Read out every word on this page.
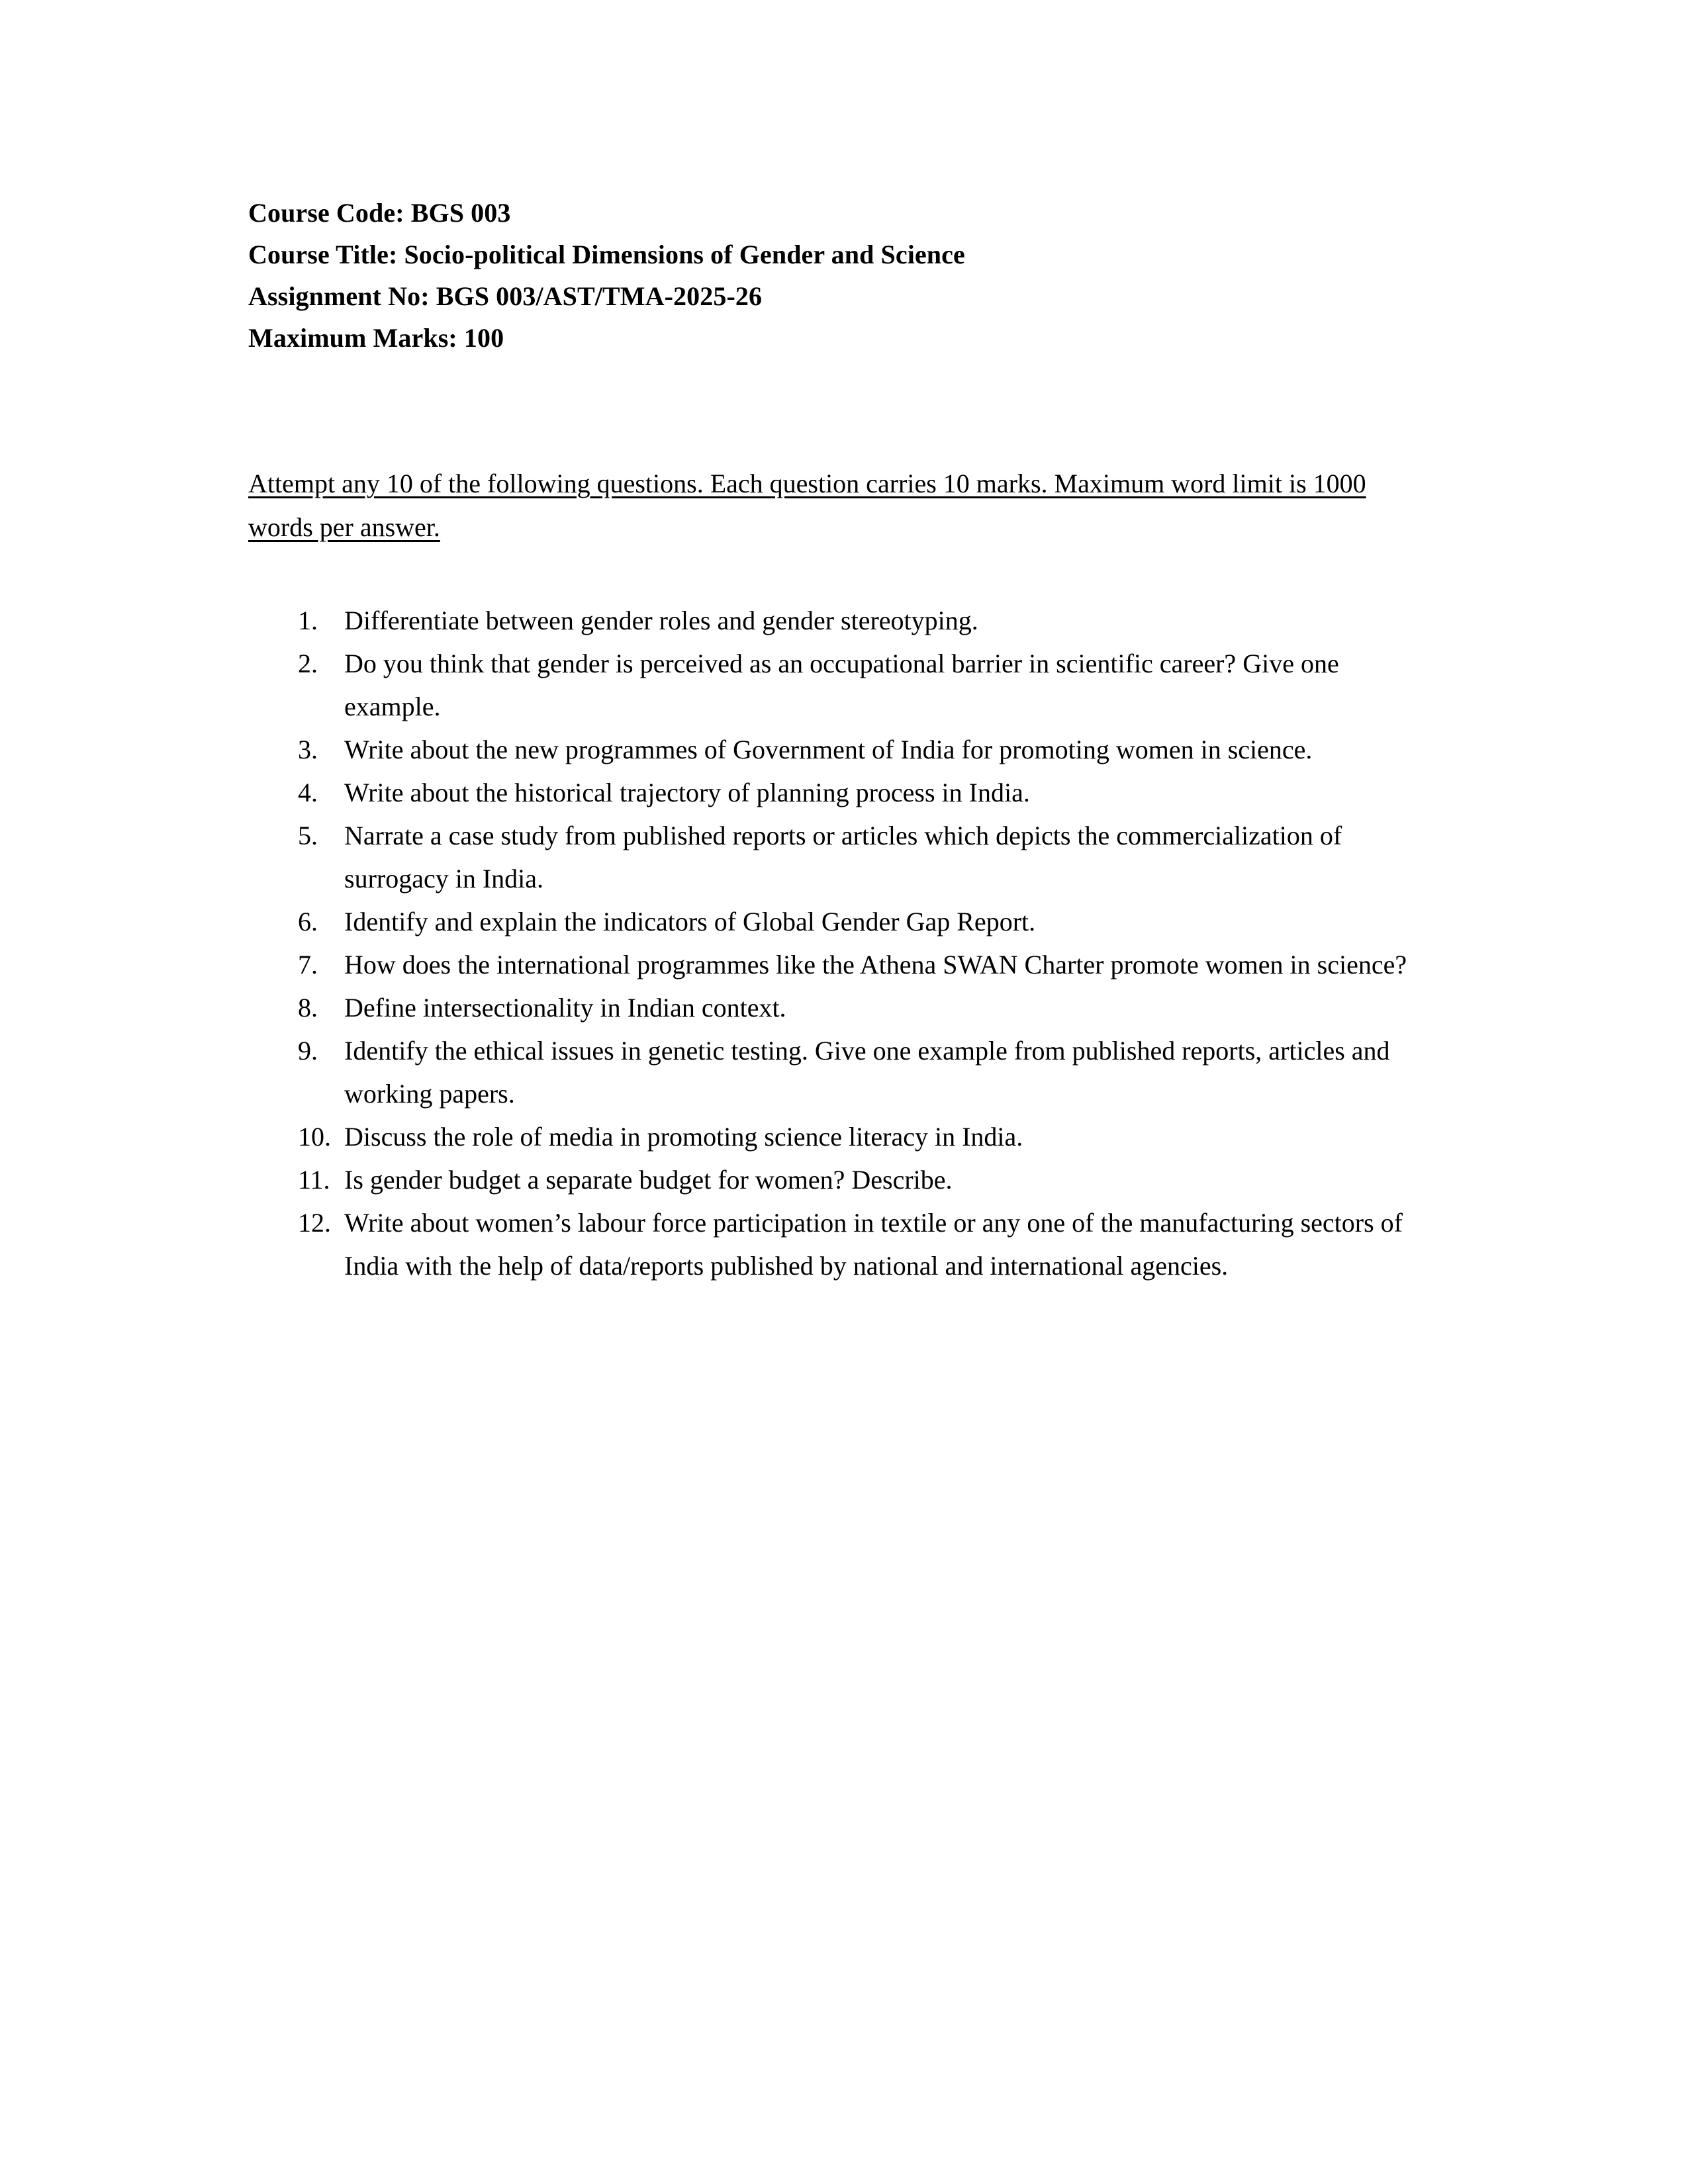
Course Code: BGS 003
Course Title: Socio-political Dimensions of Gender and Science
Assignment No: BGS 003/AST/TMA-2025-26
Maximum Marks: 100
Attempt any 10 of the following questions. Each question carries 10 marks. Maximum word limit is 1000 words per answer.
1.	Differentiate between gender roles and gender stereotyping.
2.	Do you think that gender is perceived as an occupational barrier in scientific career? Give one example.
3.	Write about the new programmes of Government of India for promoting women in science.
4.	Write about the historical trajectory of planning process in India.
5.	Narrate a case study from published reports or articles which depicts the commercialization of surrogacy in India.
6.	Identify and explain the indicators of Global Gender Gap Report.
7.	How does the international programmes like the Athena SWAN Charter promote women in science?
8.	Define intersectionality in Indian context.
9.	Identify the ethical issues in genetic testing. Give one example from published reports, articles and working papers.
10. Discuss the role of media in promoting science literacy in India.
11. Is gender budget a separate budget for women? Describe.
12. Write about women’s labour force participation in textile or any one of the manufacturing sectors of India with the help of data/reports published by national and international agencies.
